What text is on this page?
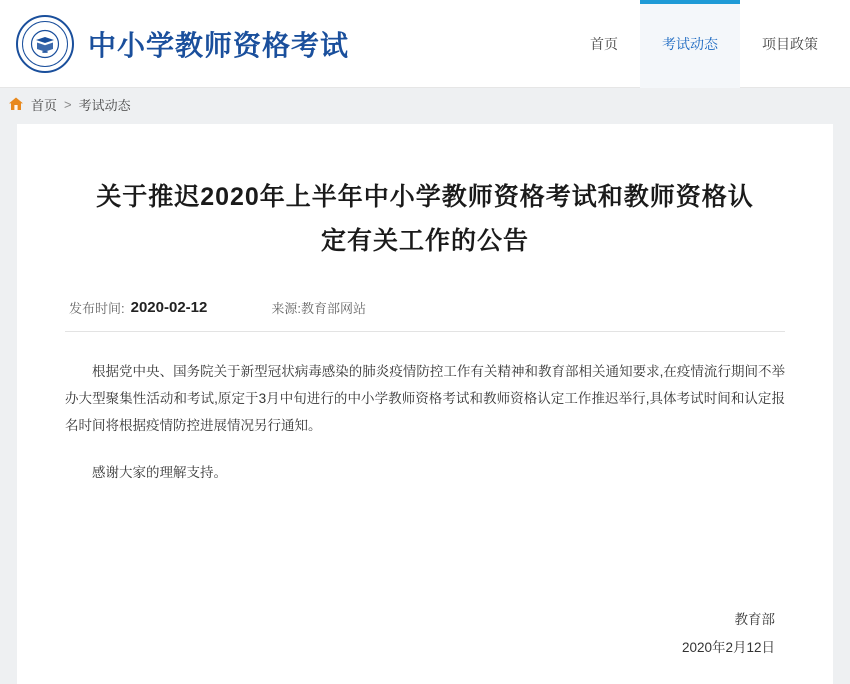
中小学教师资格考试	首页	考试动态	项目政策
首页 > 考试动态
关于推迟2020年上半年中小学教师资格考试和教师资格认定有关工作的公告
发布时间: 2020-02-12	来源:教育部网站

根据党中央、国务院关于新型冠状病毒感染的肺炎疫情防控工作有关精神和教育部相关通知要求,在疫情流行期间不举办大型聚集性活动和考试,原定于3月中旬进行的中小学教师资格考试和教师资格认定工作推迟举行,具体考试时间和认定报名时间将根据疫情防控进展情况另行通知。

感谢大家的理解支持。

教育部
2020年2月12日
